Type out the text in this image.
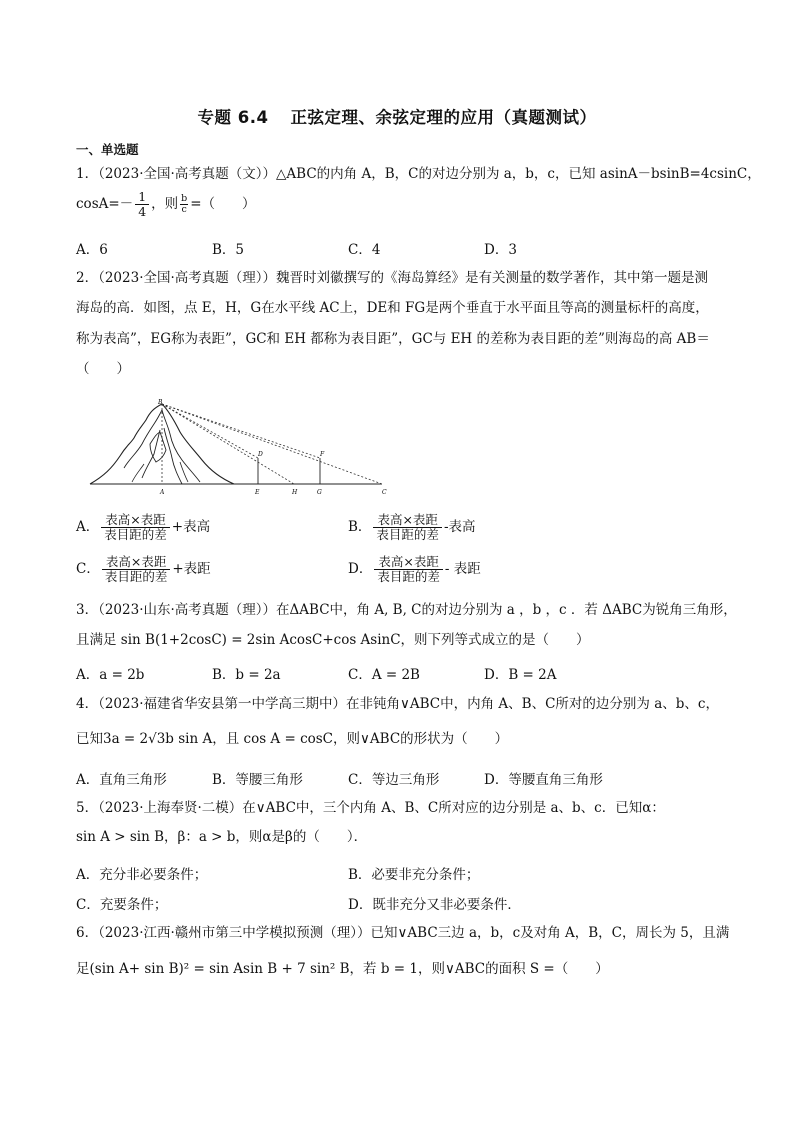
专题 6.4 正弦定理、余弦定理的应用（真题测试）
一、单选题
1．（2023·全国·高考真题（文））△ABC的内角 A，B，C的对边分别为 a，b，c，已知 asinA－bsinB=4csinC，
$\cos A=- \frac{1}{4}$ ，则 $\frac{b}{c}$ =（　　）
A．6	B．5	C．4	D．3
2．（2023·全国·高考真题（理））魏晋时刘徽撰写的《海岛算经》是有关测量的数学著作，其中第一题是测
海岛的高．如图，点 E，H，G在水平线 AC上，DE和 FG是两个垂直于水平面且等高的测量标杆的高度，
称为表高”，EG称为表距”，GC和 EH 都称为表目距”，GC与 EH 的差称为表目距的差”则海岛的高 AB＝
（　　）
B
A
D
E	H
F
G	C
A． $\frac{\text{表高×表距}}{\text{表目距的差}}$ +表高	B． $\frac{\text{表高×表距}}{\text{表目距的差}}$ -表高
C． $\frac{\text{表高×表距}}{\text{表目距的差}}$ +表距	D． $\frac{\text{表高×表距}}{\text{表目距的差}}$ - 表距
3．（2023·山东·高考真题（理））在ΔABC中，角 A, B, C的对边分别为 a ，b ，c ．若 ΔABC为锐角三角形，
且满足 sin B(1+2cosC) = 2sin AcosC+cos AsinC，则下列等式成立的是（　　）
A．a = 2b	B．b = 2a	C．A = 2B	D．B = 2A
4．（2023·福建省华安县第一中学高三期中）在非钝角∨ABC中，内角 A、B、C所对的边分别为 a、b、c，
已知3a = 2√3b sin A，且 cos A = cosC，则∨ABC的形状为（　　）
A．直角三角形	B．等腰三角形	C．等边三角形	D．等腰直角三角形
5．（2023·上海奉贤·二模）在∨ABC中，三个内角 A、B、C所对应的边分别是 a、b、c．已知α：
sin A > sin B，β：a > b，则α是β的（　　）．
A．充分非必要条件；	B．必要非充分条件；
C．充要条件；	D．既非充分又非必要条件．
6．（2023·江西·赣州市第三中学模拟预测（理））已知∨ABC三边 a，b，c及对角 A，B，C，周长为 5，且满
足(sin A+ sin B)² = sin Asin B + 7 sin² B，若 b = 1，则∨ABC的面积 S =（　　）
